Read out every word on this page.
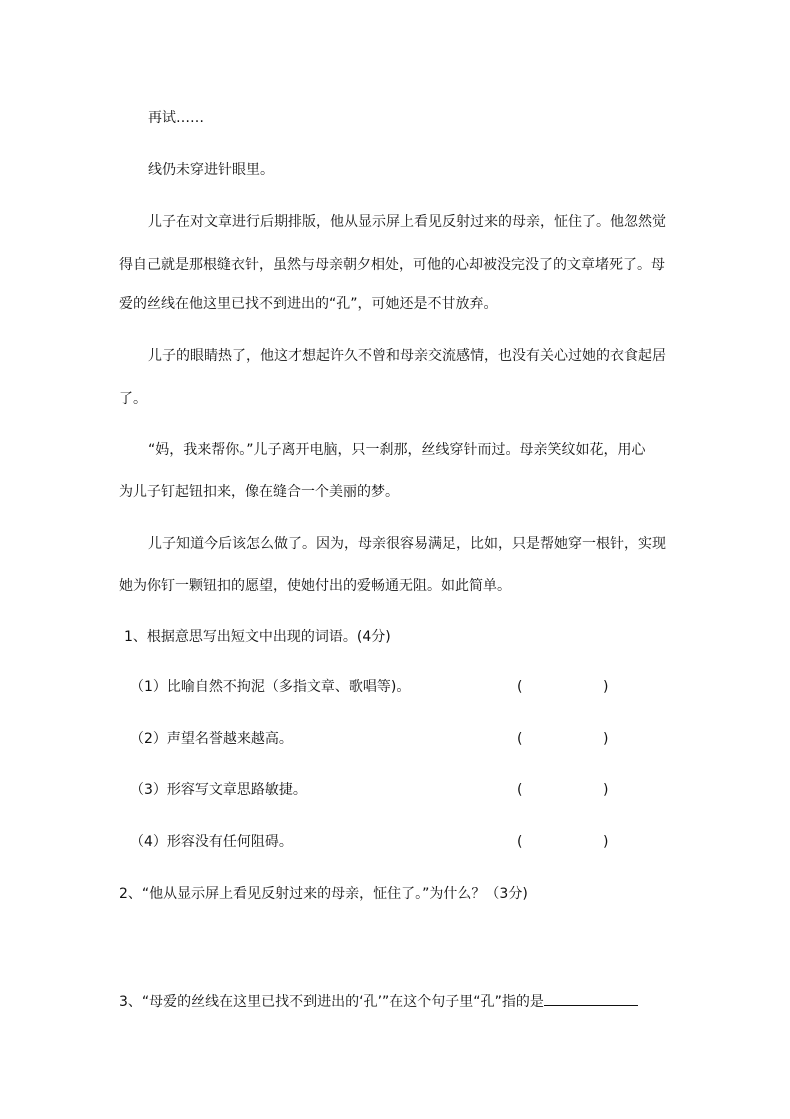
再试……
线仍未穿进针眼里。
儿子在对文章进行后期排版，他从显示屏上看见反射过来的母亲，怔住了。他忽然觉
得自己就是那根缝衣针，虽然与母亲朝夕相处，可他的心却被没完没了的文章堵死了。母
爱的丝线在他这里已找不到进出的“孔”，可她还是不甘放弃。
儿子的眼睛热了，他这才想起许久不曾和母亲交流感情，也没有关心过她的衣食起居
了。
“妈，我来帮你。”儿子离开电脑，只一刹那，丝线穿针而过。母亲笑纹如花，用心
为儿子钉起钮扣来，像在缝合一个美丽的梦。
儿子知道今后该怎么做了。因为，母亲很容易满足，比如，只是帮她穿一根针，实现
她为你钉一颗钮扣的愿望，使她付出的爱畅通无阻。如此简单。
1、根据意思写出短文中出现的词语。(4分)
（1）比喻自然不拘泥（多指文章、歌唱等)。	(	)
（2）声望名誉越来越高。	(	)
（3）形容写文章思路敏捷。	(	)
（4）形容没有任何阻碍。	(	)
2、“他从显示屏上看见反射过来的母亲，怔住了。”为什么？（3分)
3、“母爱的丝线在这里已找不到进出的‘孔’”在这个句子里“孔”指的是
